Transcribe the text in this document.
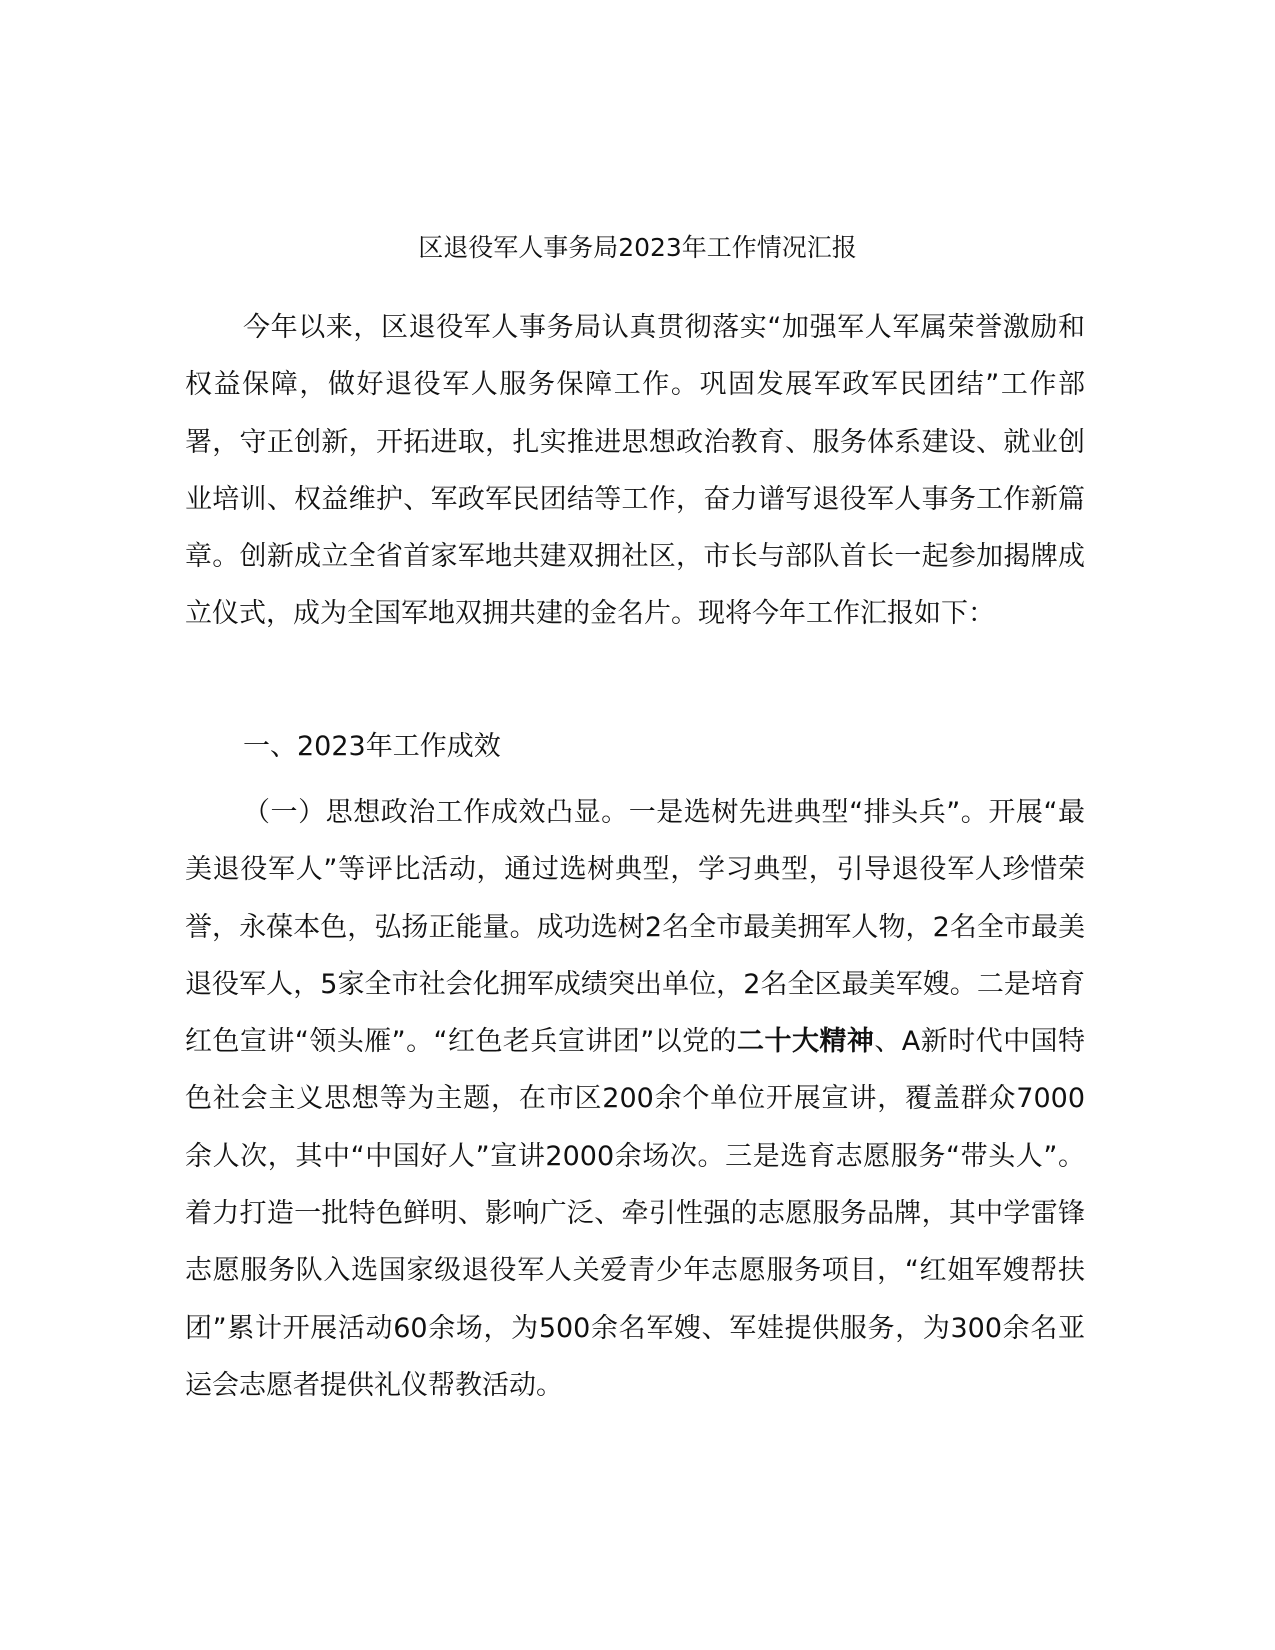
区退役军人事务局2023年工作情况汇报

今年以来，区退役军人事务局认真贯彻落实“加强军人军属荣誉激励和权益保障，做好退役军人服务保障工作。巩固发展军政军民团结”工作部署，守正创新，开拓进取，扎实推进思想政治教育、服务体系建设、就业创业培训、权益维护、军政军民团结等工作，奋力谱写退役军人事务工作新篇章。创新成立全省首家军地共建双拥社区，市长与部队首长一起参加揭牌成立仪式，成为全国军地双拥共建的金名片。现将今年工作汇报如下：

一、2023年工作成效

（一）思想政治工作成效凸显。一是选树先进典型“排头兵”。开展“最美退役军人”等评比活动，通过选树典型，学习典型，引导退役军人珍惜荣誉，永葆本色，弘扬正能量。成功选树2名全市最美拥军人物，2名全市最美退役军人，5家全市社会化拥军成绩突出单位，2名全区最美军嫂。二是培育红色宣讲“领头雁”。“红色老兵宣讲团”以党的二十大精神、A新时代中国特色社会主义思想等为主题，在市区200余个单位开展宣讲，覆盖群众7000余人次，其中“中国好人”宣讲2000余场次。三是选育志愿服务“带头人”。着力打造一批特色鲜明、影响广泛、牵引性强的志愿服务品牌，其中学雷锋志愿服务队入选国家级退役军人关爱青少年志愿服务项目，“红姐军嫂帮扶团”累计开展活动60余场，为500余名军嫂、军娃提供服务，为300余名亚运会志愿者提供礼仪帮教活动。
